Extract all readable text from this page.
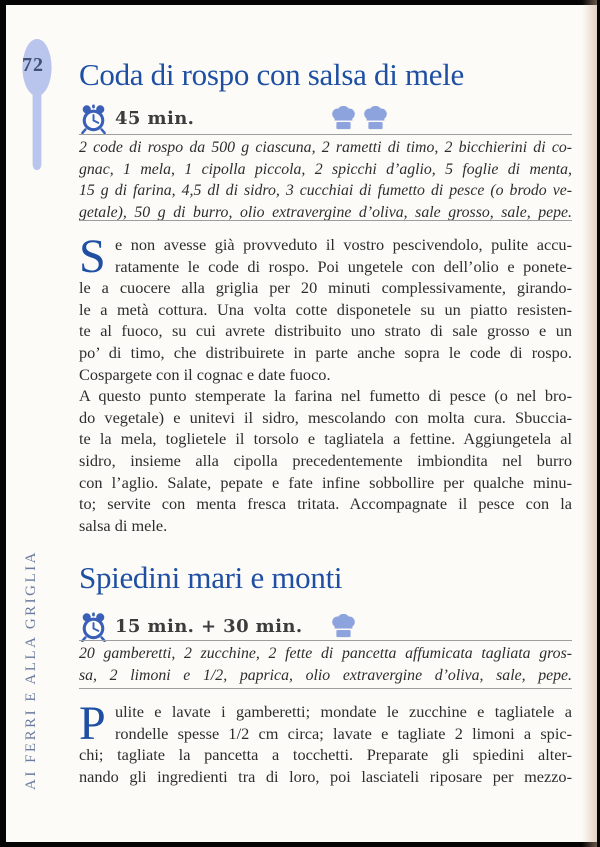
72
AI FERRI E ALLA GRIGLIA
Coda di rospo con salsa di mele
45 min.
2 code di rospo da 500 g ciascuna, 2 rametti di timo, 2 bicchierini di co-
gnac, 1 mela, 1 cipolla piccola, 2 spicchi d’aglio, 5 foglie di menta,
15 g di farina, 4,5 dl di sidro, 3 cucchiai di fumetto di pesce (o brodo ve-
getale), 50 g di burro, olio extravergine d’oliva, sale grosso, sale, pepe.
S e non avesse già provveduto il vostro pescivendolo, pulite accu-
ratamente le code di rospo. Poi ungetele con dell’olio e ponete-
le a cuocere alla griglia per 20 minuti complessivamente, girando-
le a metà cottura. Una volta cotte disponetele su un piatto resisten-
te al fuoco, su cui avrete distribuito uno strato di sale grosso e un
po’ di timo, che distribuirete in parte anche sopra le code di rospo.
Cospargete con il cognac e date fuoco.
A questo punto stemperate la farina nel fumetto di pesce (o nel bro-
do vegetale) e unitevi il sidro, mescolando con molta cura. Sbuccia-
te la mela, toglietele il torsolo e tagliatela a fettine. Aggiungetela al
sidro, insieme alla cipolla precedentemente imbiondita nel burro
con l’aglio. Salate, pepate e fate infine sobbollire per qualche minu-
to; servite con menta fresca tritata. Accompagnate il pesce con la
salsa di mele.
Spiedini mari e monti
15 min. + 30 min.
20 gamberetti, 2 zucchine, 2 fette di pancetta affumicata tagliata gros-
sa, 2 limoni e 1/2, paprica, olio extravergine d’oliva, sale, pepe.
P ulite e lavate i gamberetti; mondate le zucchine e tagliatele a
rondelle spesse 1/2 cm circa; lavate e tagliate 2 limoni a spic-
chi; tagliate la pancetta a tocchetti. Preparate gli spiedini alter-
nando gli ingredienti tra di loro, poi lasciateli riposare per mezzo-
